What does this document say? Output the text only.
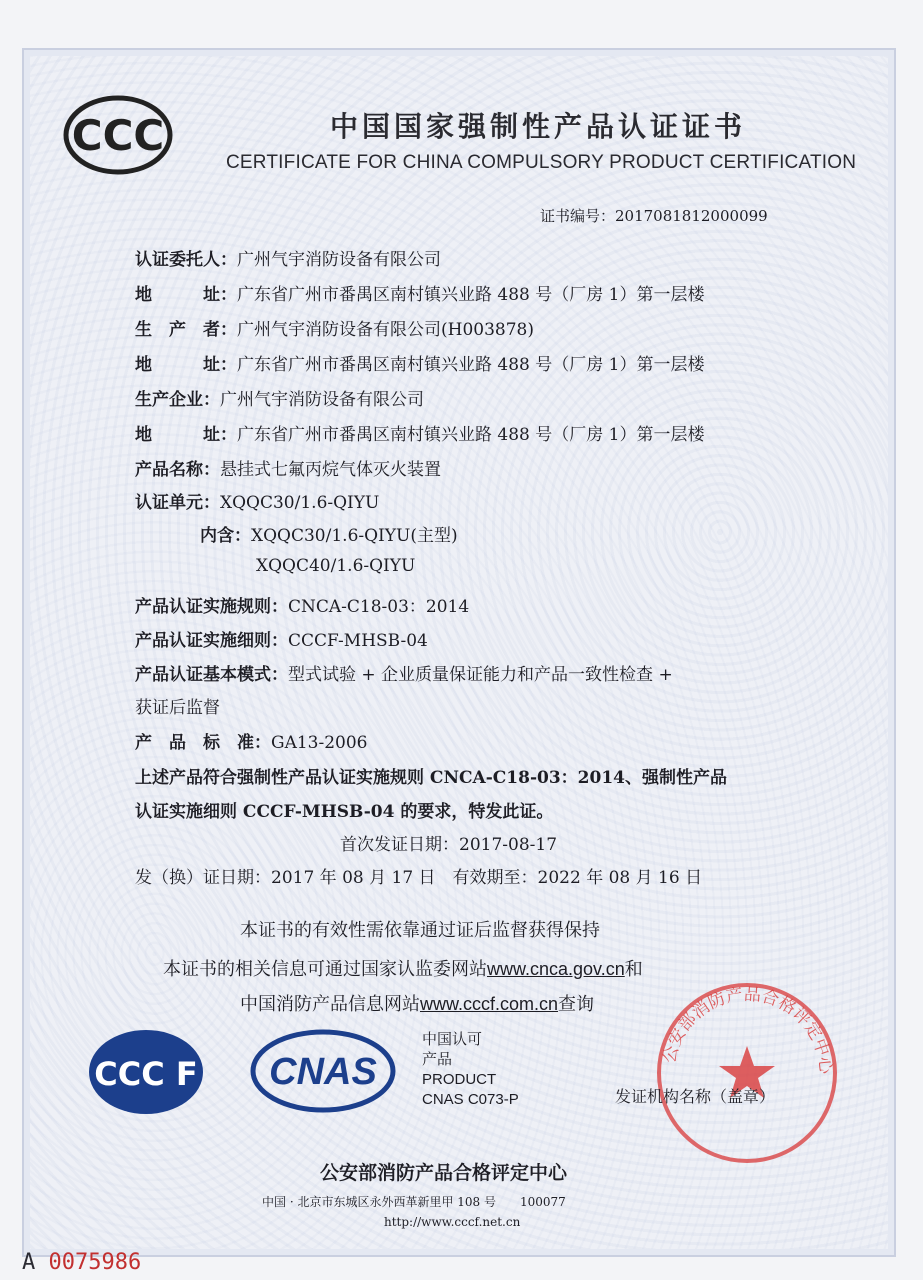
CCC	中国国家强制性产品认证证书
CERTIFICATE FOR CHINA COMPULSORY PRODUCT CERTIFICATION
证书编号：2017081812000099
认证委托人：广州气宇消防设备有限公司
地	址：广东省广州市番禺区南村镇兴业路 488 号（厂房 1）第一层楼
生　产　者：广州气宇消防设备有限公司(H003878)
地	址：广东省广州市番禺区南村镇兴业路 488 号（厂房 1）第一层楼
生产企业：广州气宇消防设备有限公司
地	址：广东省广州市番禺区南村镇兴业路 488 号（厂房 1）第一层楼
产品名称：悬挂式七氟丙烷气体灭火装置
认证单元：XQQC30/1.6-QIYU
内含：XQQC30/1.6-QIYU(主型)
XQQC40/1.6-QIYU
产品认证实施规则：CNCA-C18-03：2014
产品认证实施细则：CCCF-MHSB-04
产品认证基本模式：型式试验 + 企业质量保证能力和产品一致性检查 +
获证后监督
产　品　标　准：GA13-2006
上述产品符合强制性产品认证实施规则 CNCA-C18-03：2014、强制性产品
认证实施细则 CCCF-MHSB-04 的要求，特发此证。
首次发证日期：2017-08-17
发（换）证日期：2017 年 08 月 17 日　有效期至：2022 年 08 月 16 日
本证书的有效性需依靠通过证后监督获得保持
本证书的相关信息可通过国家认监委网站www.cnca.gov.cn和
中国消防产品信息网站www.cccf.com.cn查询
CCC F CNAS
中国认可
产品
PRODUCT
CNAS C073-P
公安部消防产品合格评定中心
发证机构名称（盖章）
公安部消防产品合格评定中心
中国 · 北京市东城区永外西革新里甲 108 号　　100077
http://www.cccf.net.cn
A 0075986
